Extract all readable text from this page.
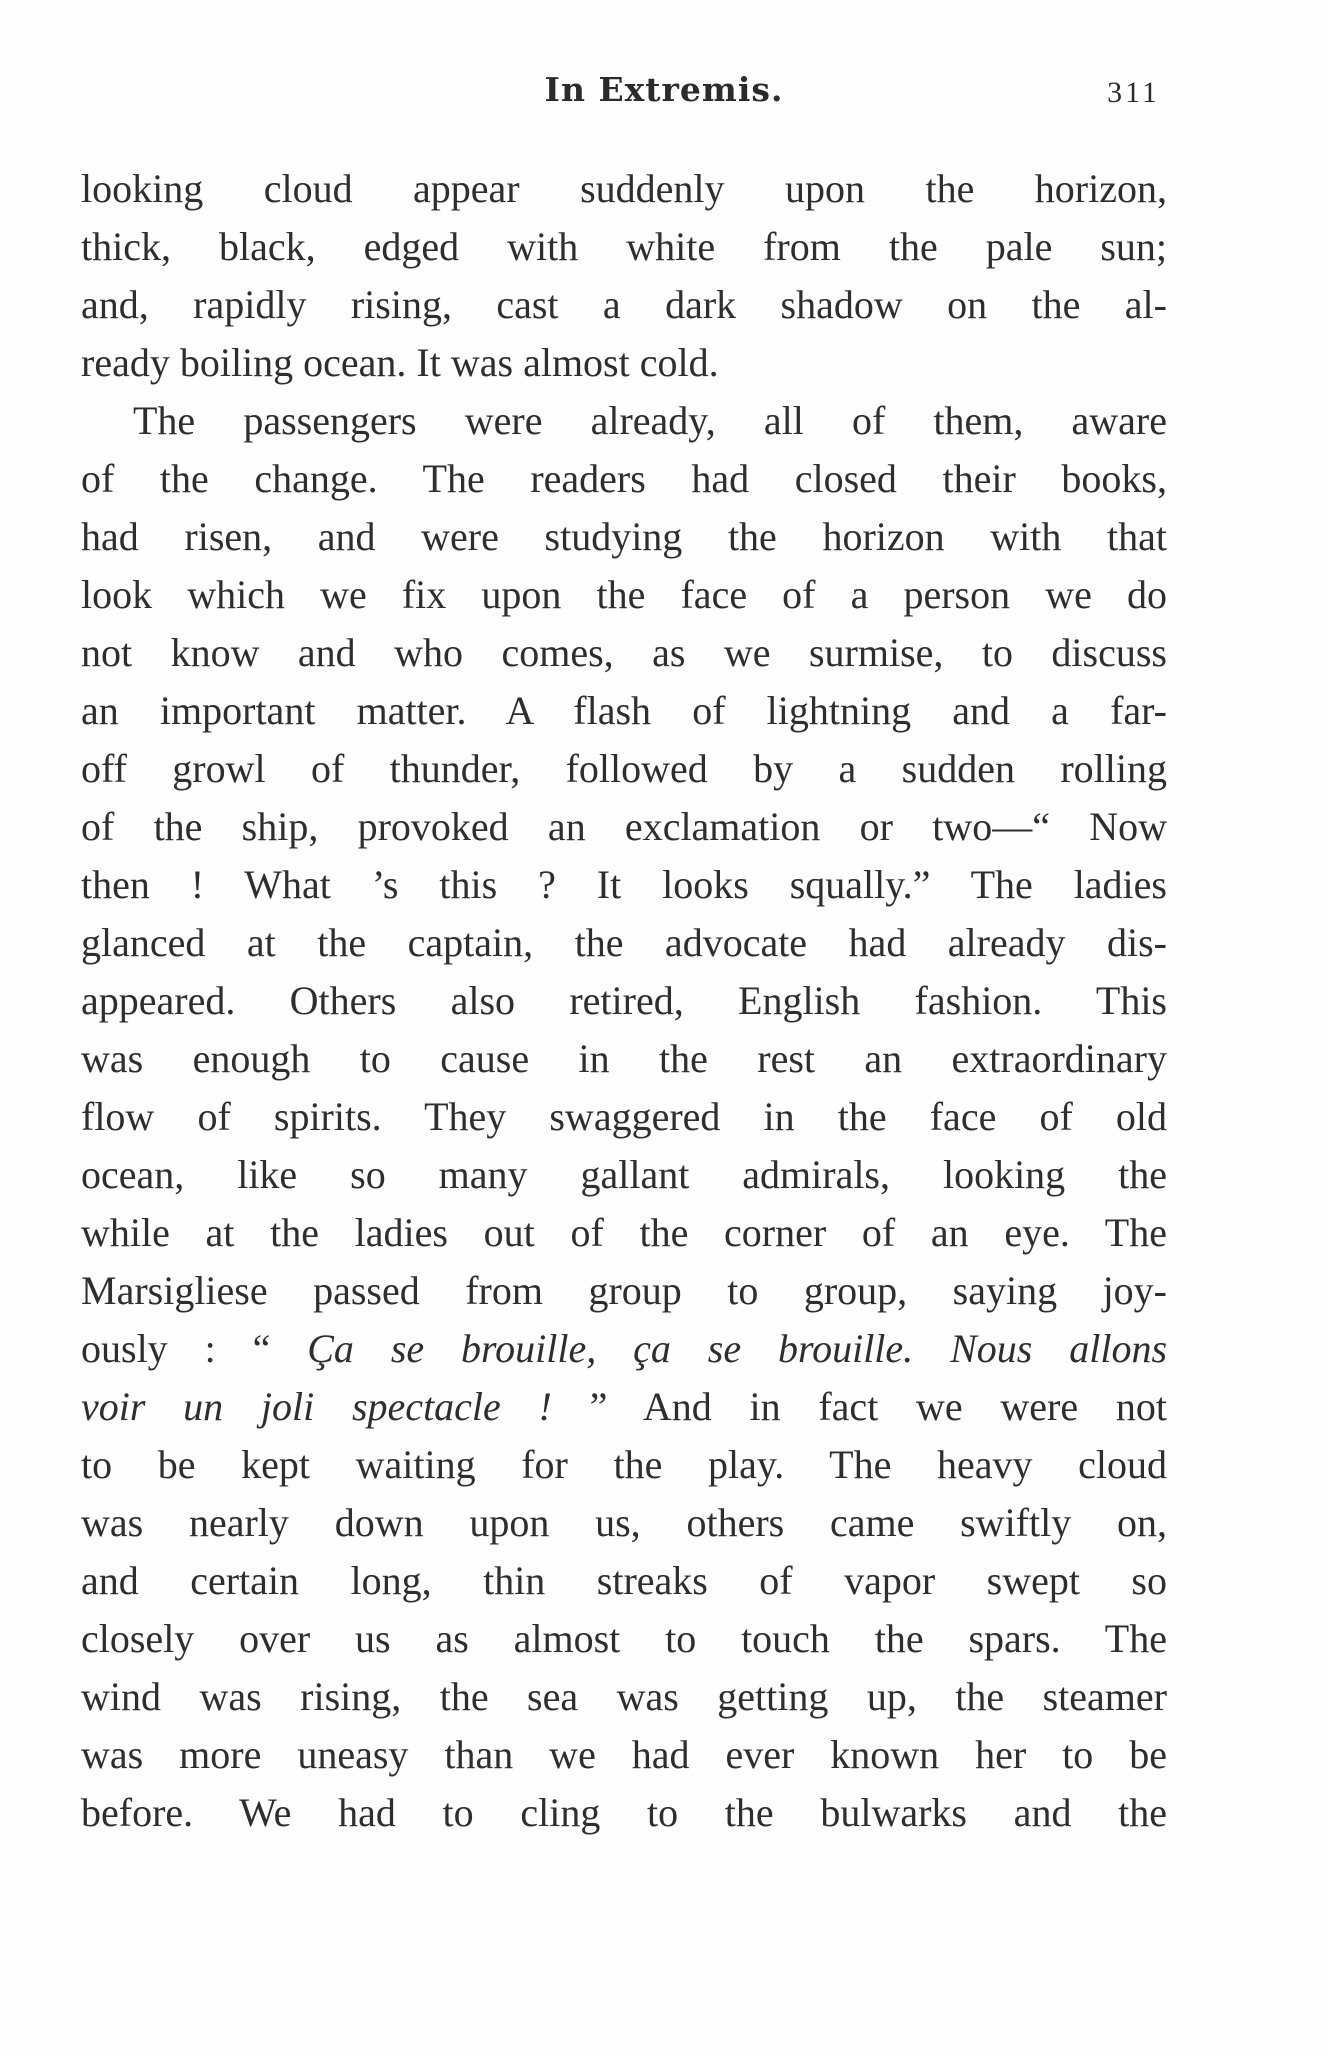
In Extremis.	311
looking cloud appear suddenly upon the horizon,
thick, black, edged with white from the pale sun;
and, rapidly rising, cast a dark shadow on the al-
ready boiling ocean. It was almost cold.
The passengers were already, all of them, aware
of the change. The readers had closed their books,
had risen, and were studying the horizon with that
look which we fix upon the face of a person we do
not know and who comes, as we surmise, to discuss
an important matter. A flash of lightning and a far-
off growl of thunder, followed by a sudden rolling
of the ship, provoked an exclamation or two—“ Now
then ! What ’s this ? It looks squally.” The ladies
glanced at the captain, the advocate had already dis-
appeared. Others also retired, English fashion. This
was enough to cause in the rest an extraordinary
flow of spirits. They swaggered in the face of old
ocean, like so many gallant admirals, looking the
while at the ladies out of the corner of an eye. The
Marsigliese passed from group to group, saying joy-
ously : “ Ça se brouille, ça se brouille. Nous allons
voir un joli spectacle ! ” And in fact we were not
to be kept waiting for the play. The heavy cloud
was nearly down upon us, others came swiftly on,
and certain long, thin streaks of vapor swept so
closely over us as almost to touch the spars. The
wind was rising, the sea was getting up, the steamer
was more uneasy than we had ever known her to be
before. We had to cling to the bulwarks and the
